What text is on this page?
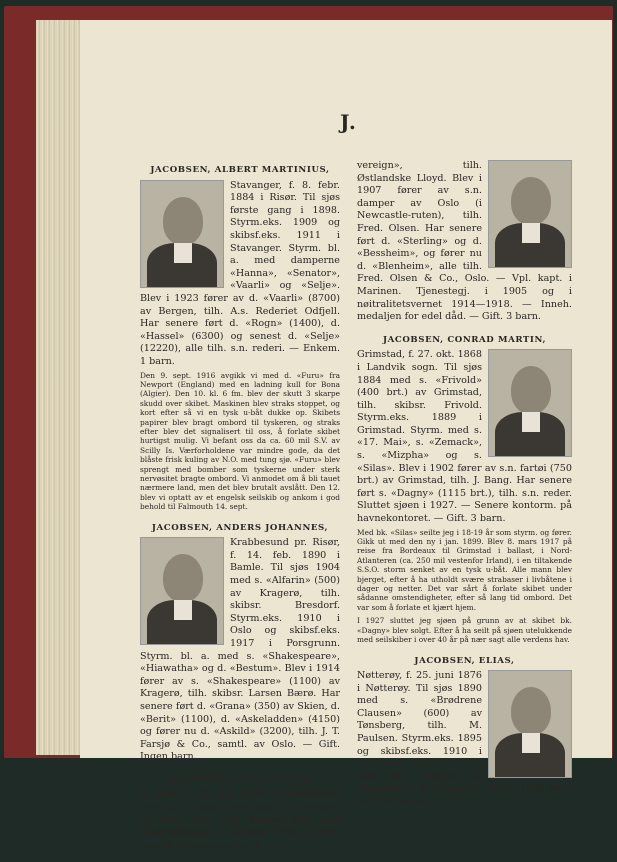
J.
JACOBSEN, ALBERT MARTINIUS,

Stavanger, f. 8. febr. 1884 i Risør. Til sjøs første gang i 1898. Styrm.eks. 1909 og skibsf.eks. 1911 i Stavanger. Styrm. bl. a. med damperne «Hanna», «Senator», «Vaarli» og «Selje». Blev i 1923 fører av d. «Vaarli» (8700) av Bergen, tilh. A.s. Rederiet Odfjell. Har senere ført d. «Rogn» (1400), d. «Hassel» (6300) og senest d. «Selje» (12220), alle tilh. s.n. rederi. — Enkem. 1 barn.

Den 9. sept. 1916 avgikk vi med d. «Furu» fra Newport (England) med en ladning kull for Bona (Algier). Den 10. kl. 6 fm. blev der skutt 3 skarpe skudd over skibet. Maskinen blev straks stoppet, og kort efter så vi en tysk u-båt dukke op. Skibets papirer blev bragt ombord til tyskeren, og straks efter blev det signalisert til oss, å forlate skibet hurtigst mulig. Vi befant oss da ca. 60 mil S.V. av Scilly Is. Værforholdene var mindre gode, da det blåste frisk kuling av N.O. med tung sjø. «Furu» blev sprengt med bomber som tyskerne under sterk nervøsitet bragte ombord. Vi anmodet om å bli tauet nærmere land, men det blev brutalt avslått. Den 12. blev vi optatt av et engelsk seilskib og ankom i god behold til Falmouth 14. sept.

JACOBSEN, ANDERS JOHANNES,

Krabbesund pr. Risør, f. 14. feb. 1890 i Bamle. Til sjøs 1904 med s. «Alfarin» (500) av Kragerø, tilh. skibsr. Bresdorf. Styrm.eks. 1910 i Oslo og skibsf.eks. 1917 i Porsgrunn. Styrm. bl. a. med s. «Shakespeare», «Hiawatha» og d. «Bestum». Blev i 1914 fører av s. «Shakespeare» (1100) av Kragerø, tilh. skibsr. Larsen Bærø. Har senere ført d. «Grana» (350) av Skien, d. «Berit» (1100), d. «Askeladden» (4150) og fører nu d. «Askild» (3200), tilh. J. T. Farsjø & Co., samtl. av Oslo. — Gift. Ingen barn.

JACOBSEN, CARL GUSTAV,

V. Aker, f. 23. juli 1878 i Queenstown (Irland). Til sjøs 1894 med s. «Seringa» av Oslo, tilh. Chr. Møller. Eks. ved Sjøkrigsskolen i Horten 1899. Styrm. med d. «Memento» og d. «So-

vereign», tilh. Østlandske Lloyd. Blev i 1907 fører av s.n. damper av Oslo (i Newcastle-ruten), tilh. Fred. Olsen. Har senere ført d. «Sterling» og d. «Bessheim», og fører nu d. «Blenheim», alle tilh. Fred. Olsen & Co., Oslo. — Vpl. kapt. i Marinen. Tjenestegj. i 1905 og i nøitralitetsvernet 1914—1918. — Inneh. medaljen for edel dåd. — Gift. 3 barn.

JACOBSEN, CONRAD MARTIN,

Grimstad, f. 27. okt. 1868 i Landvik sogn. Til sjøs 1884 med s. «Frivold» (400 brt.) av Grimstad, tilh. skibsr. Frivold. Styrm.eks. 1889 i Grimstad. Styrm. med s. «17. Mai», s. «Zemack», s. «Mizpha» og s. «Silas». Blev i 1902 fører av s.n. fartøi (750 brt.) av Grimstad, tilh. J. Bang. Har senere ført s. «Dagny» (1115 brt.), tilh. s.n. reder. Sluttet sjøen i 1927. — Senere kontorm. på havnekontoret. — Gift. 3 barn.

Med bk. «Silas» seilte jeg i 18-19 år som styrm. og fører. Gikk ut med den ny i jan. 1899. Blev 8. mars 1917 på reise fra Bordeaux til Grimstad i ballast, i Nord-Atlanteren (ca. 250 mil vestenfor Irland), i en tiltakende S.S.O. storm senket av en tysk u-båt. Alle mann blev bjerget, efter å ha utholdt svære strabaser i livbåtene i dager og netter. Det var sårt å forlate skibet under sådanne omstendigheter, efter så lang tid ombord. Det var som å forlate et kjært hjem.

I 1927 sluttet jeg sjøen på grunn av at skibet bk. «Dagny» blev solgt. Efter å ha seilt på sjøen utelukkende med seilskiber i over 40 år på nær sagt alle verdens hav.

JACOBSEN, ELIAS,

Nøtterøy, f. 25. juni 1876 i Nøtterøy. Til sjøs 1890 med s. «Brødrene Clausen» (600) av Tønsberg, tilh. M. Paulsen. Styrm.eks. 1895 og skibsf.eks. 1910 i Tønsberg. Styrm. bl. a. med bk. «Daisy», d. «Aquila» og d. «Dagland». Blev i 1909 fører av d. «Aquila»
